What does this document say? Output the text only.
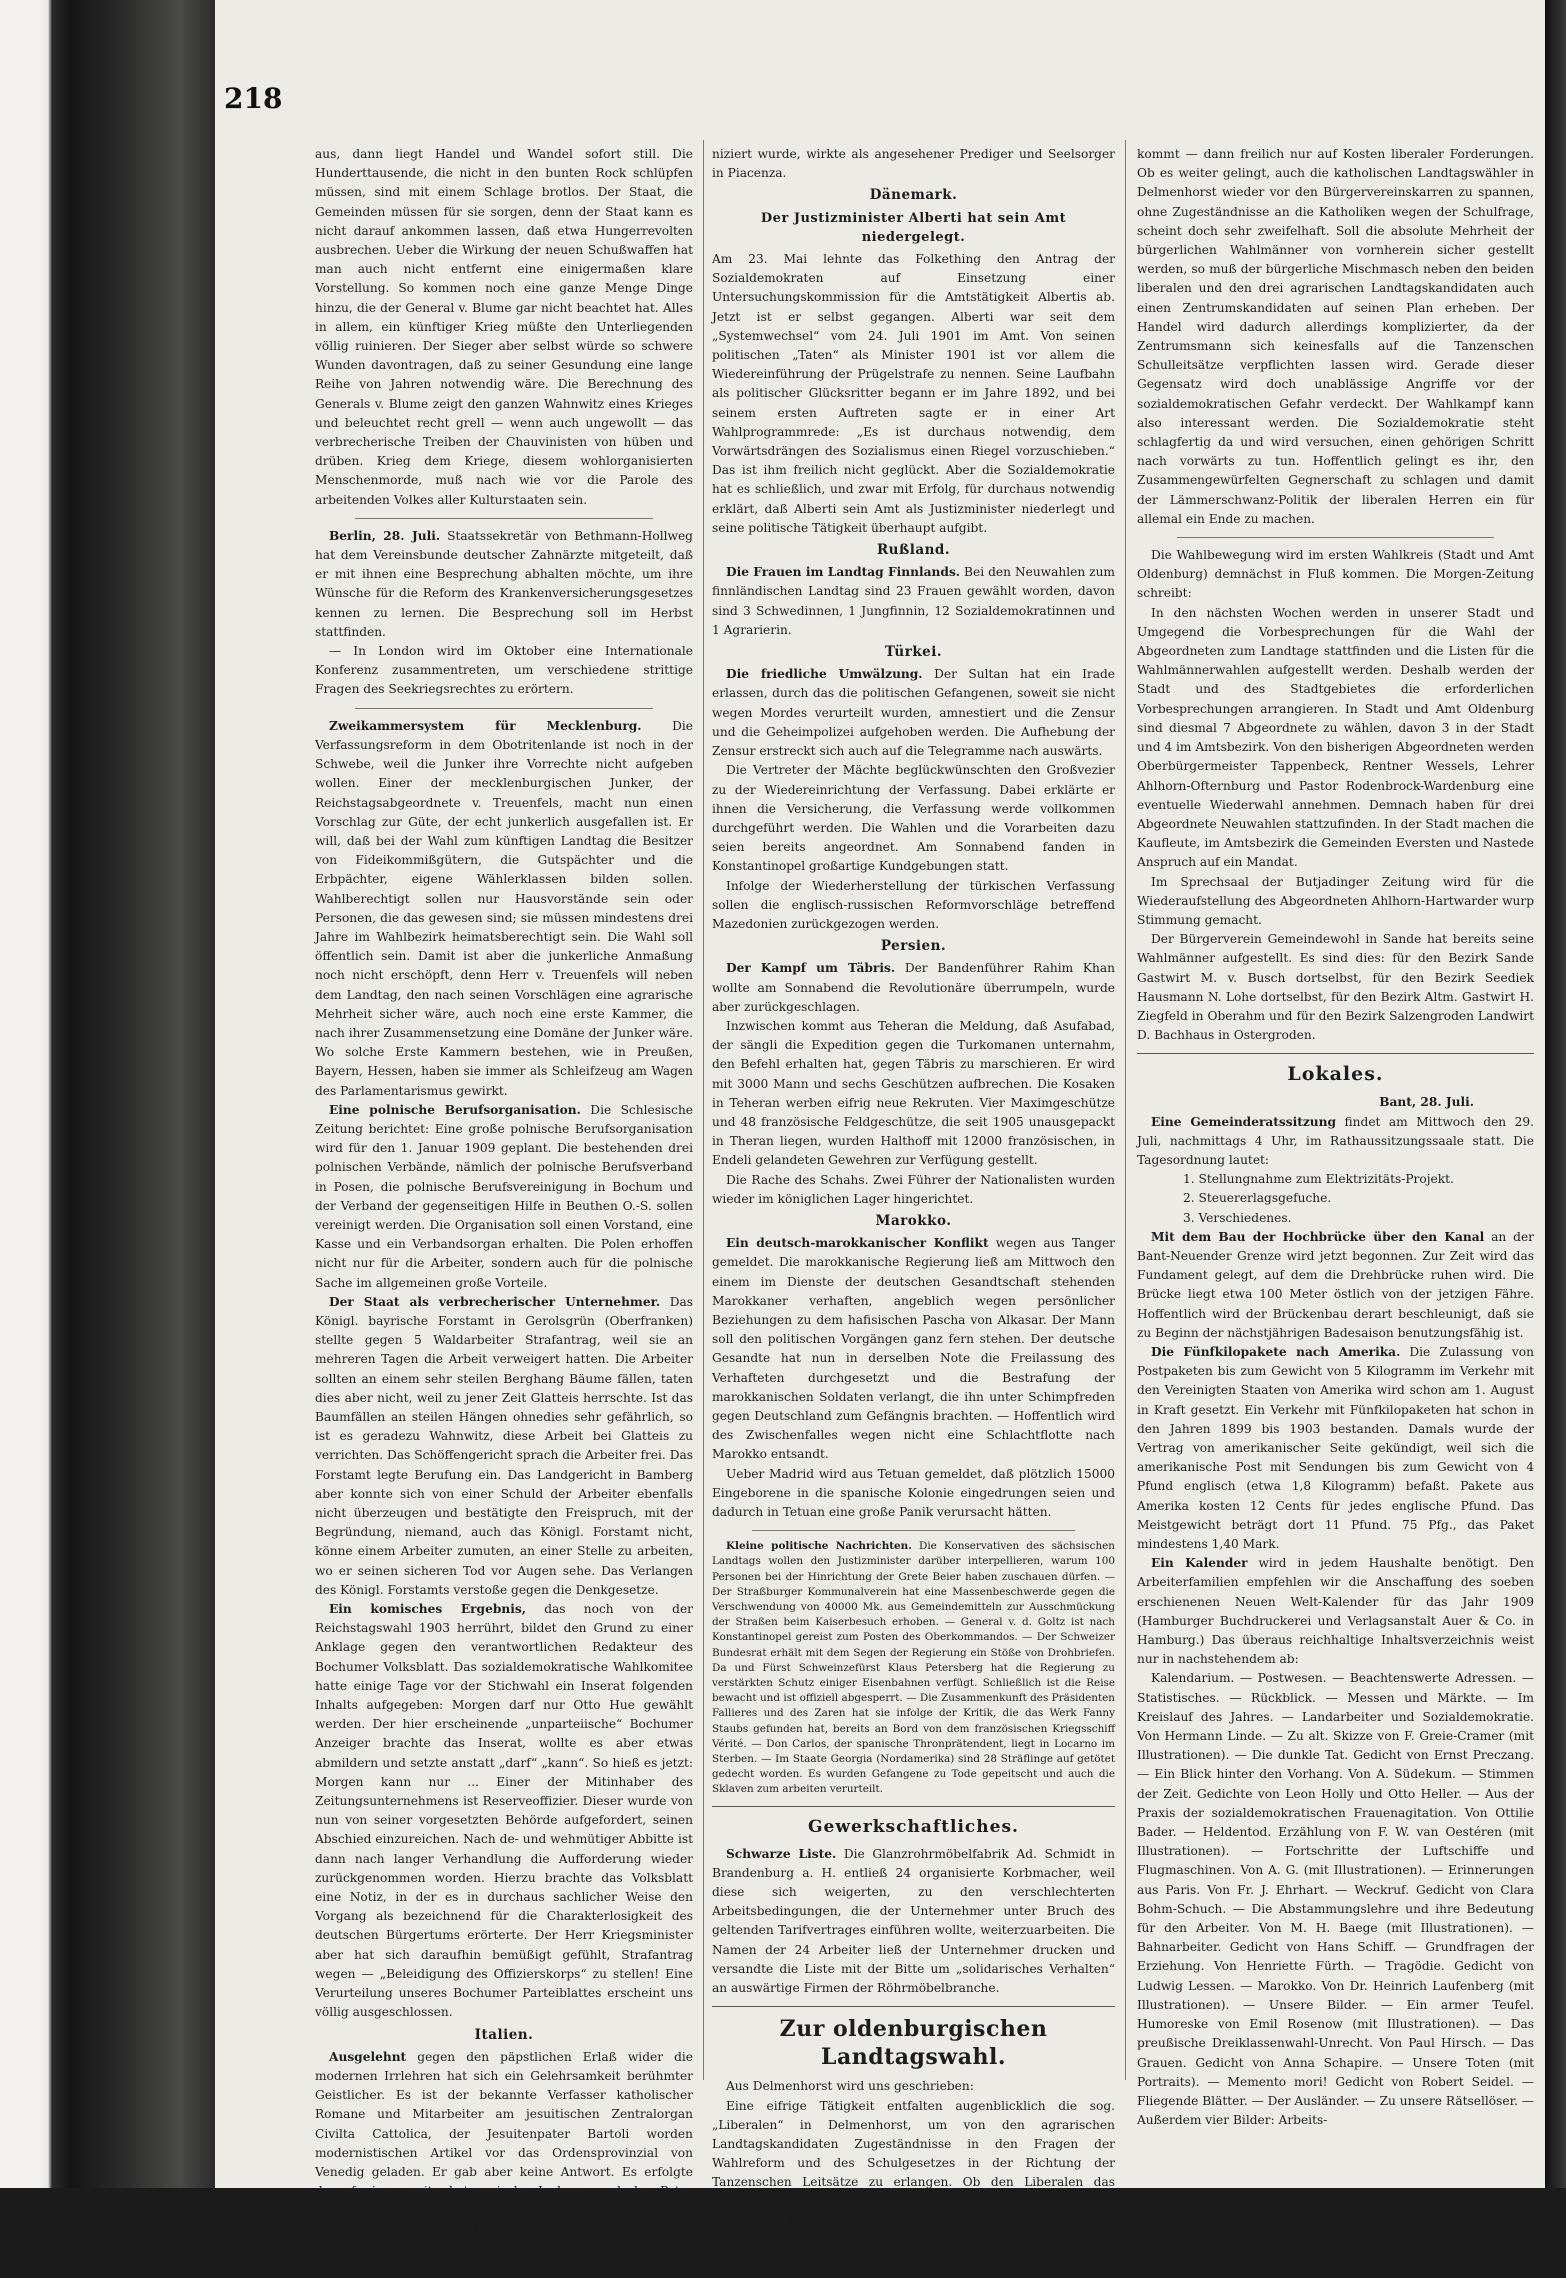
218

aus, dann liegt Handel und Wandel sofort still. Die Hunderttausende, die nicht in den bunten Rock schlüpfen müssen, sind mit einem Schlage brotlos. Der Staat, die Gemeinden müssen für sie sorgen, denn der Staat kann es nicht darauf ankommen lassen, daß etwa Hungerrevolten ausbrechen. Ueber die Wirkung der neuen Schußwaffen hat man auch nicht entfernt eine einigermaßen klare Vorstellung. So kommen noch eine ganze Menge Dinge hinzu, die der General v. Blume gar nicht beachtet hat. Alles in allem, ein künftiger Krieg müßte den Unterliegenden völlig ruinieren. Der Sieger aber selbst würde so schwere Wunden davontragen, daß zu seiner Gesundung eine lange Reihe von Jahren notwendig wäre. Die Berechnung des Generals v. Blume zeigt den ganzen Wahnwitz eines Krieges und beleuchtet recht grell — wenn auch ungewollt — das verbrecherische Treiben der Chauvinisten von hüben und drüben. Krieg dem Kriege, diesem wohlorganisierten Menschenmorde, muß nach wie vor die Parole des arbeitenden Volkes aller Kulturstaaten sein.

Berlin, 28. Juli. Staatssekretär von Bethmann-Hollweg hat dem Vereinsbunde deutscher Zahnärzte mitgeteilt, daß er mit ihnen eine Besprechung abhalten möchte, um ihre Wünsche für die Reform des Krankenversicherungsgesetzes kennen zu lernen. Die Besprechung soll im Herbst stattfinden.

— In London wird im Oktober eine Internationale Konferenz zusammentreten, um verschiedene strittige Fragen des Seekriegsrechtes zu erörtern.

Zweikammersystem für Mecklenburg.	Die Verfassungsreform in dem Obotritenlande ist noch in der Schwebe, weil die Junker ihre Vorrechte nicht aufgeben wollen. Einer der mecklenburgischen Junker, der Reichstagsabgeordnete v. Treuenfels, macht nun einen Vorschlag zur Güte, der echt junkerlich ausgefallen ist. Er will, daß bei der Wahl zum künftigen Landtag die Besitzer von Fideikommißgütern, die Gutspächter und die Erbpächter, eigene Wählerklassen bilden sollen. Wahlberechtigt sollen nur Hausvorstände sein oder Personen, die das gewesen sind; sie müssen mindestens drei Jahre im Wahlbezirk heimatsberechtigt sein. Die Wahl soll öffentlich sein. Damit ist aber die junkerliche Anmaßung noch nicht erschöpft, denn Herr v. Treuenfels will neben dem Landtag, den nach seinen Vorschlägen eine agrarische Mehrheit sicher wäre, auch noch eine erste Kammer, die nach ihrer Zusammensetzung eine Domäne der Junker wäre. Wo solche Erste Kammern bestehen, wie in Preußen, Bayern, Hessen, haben sie immer als Schleifzeug am Wagen des Parlamentarismus gewirkt.

Eine polnische Berufsorganisation. Die Schlesische Zeitung berichtet: Eine große polnische Berufsorganisation wird für den 1. Januar 1909 geplant. Die bestehenden drei polnischen Verbände, nämlich der polnische Berufsverband in Posen, die polnische Berufsvereinigung in Bochum und der Verband der gegenseitigen Hilfe in Beuthen O.-S. sollen vereinigt werden. Die Organisation soll einen Vorstand, eine Kasse und ein Verbandsorgan erhalten. Die Polen erhoffen nicht nur für die Arbeiter, sondern auch für die polnische Sache im allgemeinen große Vorteile.

Der Staat als verbrecherischer Unternehmer. Das Königl. bayrische Forstamt in Gerolsgrün (Oberfranken) stellte gegen 5 Waldarbeiter Strafantrag, weil sie an mehreren Tagen die Arbeit verweigert hatten. Die Arbeiter sollten an einem sehr steilen Berghang Bäume fällen, taten dies aber nicht, weil zu jener Zeit Glatteis herrschte. Ist das Baumfällen an steilen Hängen ohnedies sehr gefährlich, so ist es geradezu Wahnwitz, diese Arbeit bei Glatteis zu verrichten. Das Schöffengericht sprach die Arbeiter frei. Das Forstamt legte Berufung ein. Das Landgericht in Bamberg aber konnte sich von einer Schuld der Arbeiter ebenfalls nicht überzeugen und bestätigte den Freispruch, mit der Begründung, niemand, auch das Königl. Forstamt nicht, könne einem Arbeiter zumuten, an einer Stelle zu arbeiten, wo er seinen sicheren Tod vor Augen sehe. Das Verlangen des Königl. Forstamts verstoße gegen die Denkgesetze.

Ein komisches Ergebnis, das noch von der Reichstagswahl 1903 herrührt, bildet den Grund zu einer Anklage gegen den verantwortlichen Redakteur des Bochumer Volksblatt. Das sozialdemokratische Wahlkomitee hatte einige Tage vor der Stichwahl ein Inserat folgenden Inhalts aufgegeben: Morgen darf nur Otto Hue gewählt werden. Der hier erscheinende „unparteiische“ Bochumer Anzeiger brachte das Inserat, wollte es aber etwas abmildern und setzte anstatt „darf“ „kann“. So hieß es jetzt: Morgen kann nur ... Einer der Mitinhaber des Zeitungsunternehmens ist Reserveoffizier. Dieser wurde von nun von seiner vorgesetzten Behörde aufgefordert, seinen Abschied einzureichen. Nach de- und wehmütiger Abbitte ist dann nach langer Verhandlung die Aufforderung wieder zurückgenommen worden. Hierzu brachte das Volksblatt eine Notiz, in der es in durchaus sachlicher Weise den Vorgang als bezeichnend für die Charakterlosigkeit des deutschen Bürgertums erörterte. Der Herr Kriegsminister aber hat sich daraufhin bemüßigt gefühlt, Strafantrag wegen — „Beleidigung des Offizierskorps“ zu stellen! Eine Verurteilung unseres Bochumer Parteiblattes erscheint uns völlig ausgeschlossen.

Italien.

Ausgelehnt gegen den päpstlichen Erlaß wider die modernen Irrlehren hat sich ein Gelehrsamkeit berühmter Geistlicher. Es ist der bekannte Verfasser katholischer Romane und Mitarbeiter am jesuitischen Zentralorgan Civilta Cattolica, der Jesuitenpater Bartoli worden modernistischen Artikel vor das Ordensprovinzial von Venedig geladen. Er gab aber keine Antwort. Es erfolgte darauf eine zweite kategorische Ladung, und der Pater beantwortete dieselbe mit dem Austritte aus dem Jesuitenorden. Als die Ordensleitung nunmehr Anstalten machte, die Sache gütlich beizulegen, verbat sich der Pater alle weiteren Schritte. Bartoli, der natürlich exkommu-

niziert wurde, wirkte als angesehener Prediger und Seelsorger in Piacenza.

Dänemark.
Der Justizminister Alberti hat sein Amt niedergelegt.

Am 23. Mai lehnte das Folkething den Antrag der Sozialdemokraten auf Einsetzung einer Untersuchungskommission für die Amtstätigkeit Albertis ab. Jetzt ist er selbst gegangen. Alberti war seit dem „Systemwechsel“ vom 24. Juli 1901 im Amt. Von seinen politischen „Taten“ als Minister 1901 ist vor allem die Wiedereinführung der Prügelstrafe zu nennen. Seine Laufbahn als politischer Glücksritter begann er im Jahre 1892, und bei seinem ersten Auftreten sagte er in einer Art Wahlprogrammrede: „Es ist durchaus notwendig, dem Vorwärtsdrängen des Sozialismus einen Riegel vorzuschieben.“ Das ist ihm freilich nicht geglückt. Aber die Sozialdemokratie hat es schließlich, und zwar mit Erfolg, für durchaus notwendig erklärt, daß Alberti sein Amt als Justizminister niederlegt und seine politische Tätigkeit überhaupt aufgibt.

Rußland.

Die Frauen im Landtag Finnlands. Bei den Neuwahlen zum finnländischen Landtag sind 23 Frauen gewählt worden, davon sind 3 Schwedinnen, 1 Jungfinnin, 12 Sozialdemokratinnen und 1 Agrarierin.

Türkei.

Die friedliche Umwälzung. Der Sultan hat ein Irade erlassen, durch das die politischen Gefangenen, soweit sie nicht wegen Mordes verurteilt wurden, amnestiert und die Zensur und die Geheimpolizei aufgehoben werden. Die Aufhebung der Zensur erstreckt sich auch auf die Telegramme nach auswärts.

Die Vertreter der Mächte beglückwünschten den Großvezier zu der Wiedereinrichtung der Verfassung. Dabei erklärte er ihnen die Versicherung, die Verfassung werde vollkommen durchgeführt werden. Die Wahlen und die Vorarbeiten dazu seien bereits angeordnet. Am Sonnabend fanden in Konstantinopel großartige Kundgebungen statt.

Infolge der Wiederherstellung der türkischen Verfassung sollen die englisch-russischen Reformvorschläge betreffend Mazedonien zurückgezogen werden.

Persien.

Der Kampf um Täbris. Der Bandenführer Rahim Khan wollte am Sonnabend die Revolutionäre überrumpeln, wurde aber zurückgeschlagen.

Inzwischen kommt aus Teheran die Meldung, daß Asufabad, der sängli die Expedition gegen die Turkomanen unternahm, den Befehl erhalten hat, gegen Täbris zu marschieren. Er wird mit 3000 Mann und sechs Geschützen aufbrechen. Die Kosaken in Teheran werben eifrig neue Rekruten. Vier Maximgeschütze und 48 französische Feldgeschütze, die seit 1905 unausgepackt in Theran liegen, wurden Halthoff mit 12000 französischen, in Endeli gelandeten Gewehren zur Verfügung gestellt.

Die Rache des Schahs. Zwei Führer der Nationalisten wurden wieder im königlichen Lager hingerichtet.

Marokko.

Ein deutsch-marokkanischer Konflikt wegen aus Tanger gemeldet. Die marokkanische Regierung ließ am Mittwoch den einem im Dienste der deutschen Gesandtschaft stehenden Marokkaner verhaften, angeblich wegen persönlicher Beziehungen zu dem hafisischen Pascha von Alkasar. Der Mann soll den politischen Vorgängen ganz fern stehen. Der deutsche Gesandte hat nun in derselben Note die Freilassung des Verhafteten durchgesetzt und die Bestrafung der marokkanischen Soldaten verlangt, die ihn unter Schimpfreden gegen Deutschland zum Gefängnis brachten. — Hoffentlich wird des Zwischenfalles wegen nicht eine Schlachtflotte nach Marokko entsandt.

Ueber Madrid wird aus Tetuan gemeldet, daß plötzlich 15000 Eingeborene in die spanische Kolonie eingedrungen seien und dadurch in Tetuan eine große Panik verursacht hätten.

Kleine politische Nachrichten. Die Konservativen des sächsischen Landtags wollen den Justizminister darüber interpellieren, warum 100 Personen bei der Hinrichtung der Grete Beier haben zuschauen dürfen. — Der Straßburger Kommunalverein hat eine Massenbeschwerde gegen die Verschwendung von 40000 Mk. aus Gemeindemitteln zur Ausschmückung der Straßen beim Kaiserbesuch erhoben. — General v. d. Goltz ist nach Konstantinopel gereist zum Posten des Oberkommandos. — Der Schweizer Bundesrat erhält mit dem Segen der Regierung ein Stöße von Drohbriefen. Da und Fürst Schweinzefürst Klaus Petersberg hat die Regierung zu verstärkten Schutz einiger Eisenbahnen verfügt. Schließlich ist die Reise bewacht und ist offiziell abgesperrt. — Die Zusammenkunft des Präsidenten Fallieres und des Zaren hat sie infolge der Kritik, die das Werk Fanny Staubs gefunden hat, bereits an Bord von dem französischen Kriegsschiff Vérité. — Don Carlos, der spanische Thronprätendent, liegt in Locarno im Sterben. — Im Staate Georgia (Nordamerika) sind 28 Sträflinge auf getötet gedecht worden. Es wurden Gefangene zu Tode gepeitscht und auch die Sklaven zum arbeiten verurteilt.

Gewerkschaftliches.

Schwarze Liste. Die Glanzrohrmöbelfabrik Ad. Schmidt in Brandenburg a. H. entließ 24 organisierte Korbmacher, weil diese sich weigerten, zu den verschlechterten Arbeitsbedingungen, die der Unternehmer unter Bruch des geltenden Tarifvertrages einführen wollte, weiterzuarbeiten. Die Namen der 24 Arbeiter ließ der Unternehmer drucken und versandte die Liste mit der Bitte um „solidarisches Verhalten“ an auswärtige Firmen der Röhrmöbelbranche.

Zur oldenburgischen Landtagswahl.

Aus Delmenhorst wird uns geschrieben:

Eine eifrige Tätigkeit entfalten augenblicklich die sog. „Liberalen“ in Delmenhorst, um von den agrarischen Landtagskandidaten Zugeständnisse in den Fragen der Wahlreform und des Schulgesetzes in der Richtung der Tanzenschen Leitsätze zu erlangen. Ob den Liberalen das gelingt, bleibt dahingestellt. Im Anbetracht der Angst vor der Sozialdemokratie ist jedoch wahrscheinlich, daß eine Einigung zustande

kommt — dann freilich nur auf Kosten liberaler Forderungen. Ob es weiter gelingt, auch die katholischen Landtagswähler in Delmenhorst wieder vor den Bürgervereinskarren zu spannen, ohne Zugeständnisse an die Katholiken wegen der Schulfrage, scheint doch sehr zweifelhaft. Soll die absolute Mehrheit der bürgerlichen Wahlmänner von vornherein sicher gestellt werden, so muß der bürgerliche Mischmasch neben den beiden liberalen und den drei agrarischen Landtagskandidaten auch einen Zentrumskandidaten auf seinen Plan erheben. Der Handel wird dadurch allerdings komplizierter, da der Zentrumsmann sich keinesfalls auf die Tanzenschen Schulleitsätze verpflichten lassen wird. Gerade dieser Gegensatz wird doch unablässige Angriffe vor der sozialdemokratischen Gefahr verdeckt. Der Wahlkampf kann also interessant werden. Die Sozialdemokratie steht schlagfertig da und wird versuchen, einen gehörigen Schritt nach vorwärts zu tun. Hoffentlich gelingt es ihr, den Zusammengewürfelten Gegnerschaft zu schlagen und damit der Lämmerschwanz-Politik der liberalen Herren ein für allemal ein Ende zu machen.

Die Wahlbewegung wird im ersten Wahlkreis (Stadt und Amt Oldenburg) demnächst in Fluß kommen. Die Morgen-Zeitung schreibt:

In den nächsten Wochen werden in unserer Stadt und Umgegend die Vorbesprechungen für die Wahl der Abgeordneten zum Landtage stattfinden und die Listen für die Wahlmännerwahlen aufgestellt werden. Deshalb werden der Stadt und des Stadtgebietes die erforderlichen Vorbesprechungen arrangieren. In Stadt und Amt Oldenburg sind diesmal 7 Abgeordnete zu wählen, davon 3 in der Stadt und 4 im Amtsbezirk. Von den bisherigen Abgeordneten werden Oberbürgermeister Tappenbeck, Rentner Wessels, Lehrer Ahlhorn-Ofternburg und Pastor Rodenbrock-Wardenburg eine eventuelle Wiederwahl annehmen. Demnach haben für drei Abgeordnete Neuwahlen stattzufinden. In der Stadt machen die Kaufleute, im Amtsbezirk die Gemeinden Eversten und Nastede Anspruch auf ein Mandat.

Im Sprechsaal der Butjadinger Zeitung wird für die Wiederaufstellung des Abgeordneten Ahlhorn-Hartwarder wurp Stimmung gemacht.

Der Bürgerverein Gemeindewohl in Sande hat bereits seine Wahlmänner aufgestellt. Es sind dies: für den Bezirk Sande Gastwirt M. v. Busch dortselbst, für den Bezirk Seediek Hausmann N. Lohe dortselbst, für den Bezirk Altm. Gastwirt H. Ziegfeld in Oberahm und für den Bezirk Salzengroden Landwirt D. Bachhaus in Ostergroden.

Lokales.

Bant, 28. Juli.

Eine Gemeinderatssitzung findet am Mittwoch den 29. Juli, nachmittags 4 Uhr, im Rathaussitzungssaale statt. Die Tagesordnung lautet:

1. Stellungnahme zum Elektrizitäts-Projekt.

2. Steuererlagsgefuche.

3. Verschiedenes.

Mit dem Bau der Hochbrücke über den Kanal an der Bant-Neuender Grenze wird jetzt begonnen. Zur Zeit wird das Fundament gelegt, auf dem die Drehbrücke ruhen wird. Die Brücke liegt etwa 100 Meter östlich von der jetzigen Fähre. Hoffentlich wird der Brückenbau derart beschleunigt, daß sie zu Beginn der nächstjährigen Badesaison benutzungsfähig ist.

Die Fünfkilopakete nach Amerika. Die Zulassung von Postpaketen bis zum Gewicht von 5 Kilogramm im Verkehr mit den Vereinigten Staaten von Amerika wird schon am 1. August in Kraft gesetzt. Ein Verkehr mit Fünfkilopaketen hat schon in den Jahren 1899 bis 1903 bestanden. Damals wurde der Vertrag von amerikanischer Seite gekündigt, weil sich die amerikanische Post mit Sendungen bis zum Gewicht von 4 Pfund englisch (etwa 1,8 Kilogramm) befaßt. Pakete aus Amerika kosten 12 Cents für jedes englische Pfund. Das Meistgewicht beträgt dort 11 Pfund. 75 Pfg., das Paket mindestens 1,40 Mark.

Ein Kalender wird in jedem Haushalte benötigt. Den Arbeiterfamilien empfehlen wir die Anschaffung des soeben erschienenen Neuen Welt-Kalender für das Jahr 1909 (Hamburger Buchdruckerei und Verlagsanstalt Auer & Co. in Hamburg.) Das überaus reichhaltige Inhaltsverzeichnis weist nur in nachstehendem ab:

Kalendarium. — Postwesen. — Beachtenswerte Adressen. — Statistisches. — Rückblick. — Messen und Märkte. — Im Kreislauf des Jahres. — Landarbeiter und Sozialdemokratie. Von Hermann Linde. — Zu alt. Skizze von F. Greie-Cramer (mit Illustrationen). — Die dunkle Tat. Gedicht von Ernst Preczang. — Ein Blick hinter den Vorhang. Von A. Südekum. — Stimmen der Zeit. Gedichte von Leon Holly und Otto Heller. — Aus der Praxis der sozialdemokratischen Frauenagitation. Von Ottilie Bader. — Heldentod. Erzählung von F. W. van Oestéren (mit Illustrationen). — Fortschritte der Luftschiffe und Flugmaschinen. Von A. G. (mit Illustrationen). — Erinnerungen aus Paris. Von Fr. J. Ehrhart. — Weckruf. Gedicht von Clara Bohm-Schuch. — Die Abstammungslehre und ihre Bedeutung für den Arbeiter. Von M. H. Baege (mit Illustrationen). — Bahnarbeiter. Gedicht von Hans Schiff. — Grundfragen der Erziehung. Von Henriette Fürth. — Tragödie. Gedicht von Ludwig Lessen. — Marokko. Von Dr. Heinrich Laufenberg (mit Illustrationen). — Unsere Bilder. — Ein armer Teufel. Humoreske von Emil Rosenow (mit Illustrationen). — Das preußische Dreiklassenwahl-Unrecht. Von Paul Hirsch. — Das Grauen. Gedicht von Anna Schapire. — Unsere Toten (mit Portraits). — Memento mori! Gedicht von Robert Seidel. — Fliegende Blätter. — Der Ausländer. — Zu unsere Rätsellöser. — Außerdem vier Bilder: Arbeits-
